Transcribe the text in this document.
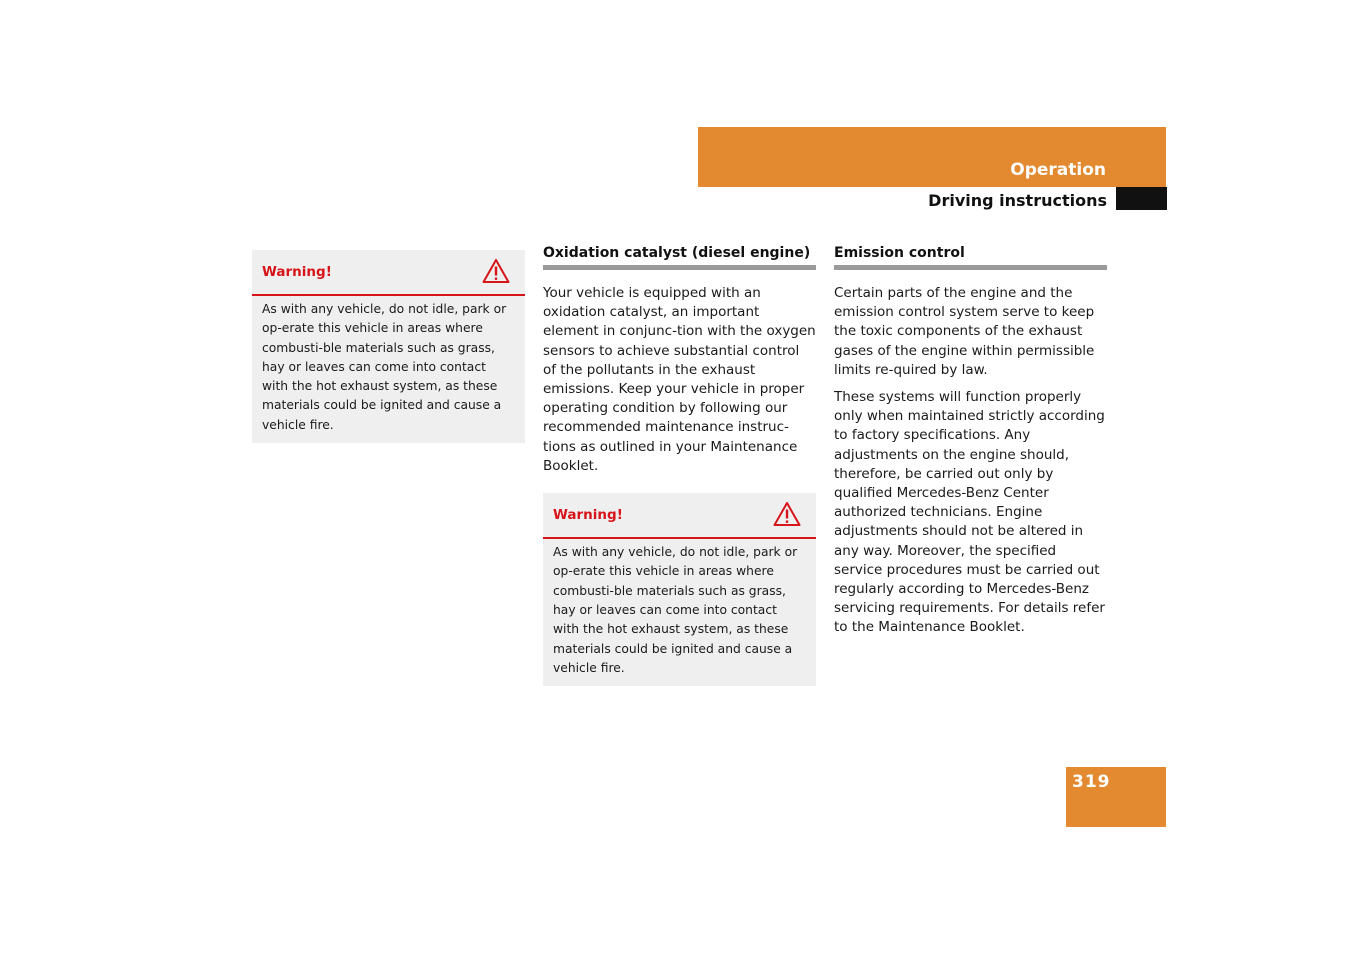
Operation
Driving instructions
Warning!
As with any vehicle, do not idle, park or op-erate this vehicle in areas where combusti-ble materials such as grass, hay or leaves can come into contact with the hot exhaust system, as these materials could be ignited and cause a vehicle fire.
Oxidation catalyst (diesel engine)

Your vehicle is equipped with an oxidation catalyst, an important element in conjunc-tion with the oxygen sensors to achieve substantial control of the pollutants in the exhaust emissions. Keep your vehicle in proper operating condition by following our recommended maintenance instruc-tions as outlined in your Maintenance Booklet.

Warning!
As with any vehicle, do not idle, park or op-erate this vehicle in areas where combusti-ble materials such as grass, hay or leaves can come into contact with the hot exhaust system, as these materials could be ignited and cause a vehicle fire.
Emission control

Certain parts of the engine and the emission control system serve to keep the toxic components of the exhaust gases of the engine within permissible limits re-quired by law.

These systems will function properly only when maintained strictly according to factory specifications. Any adjustments on the engine should, therefore, be carried out only by qualified Mercedes-Benz Center authorized technicians. Engine adjustments should not be altered in any way. Moreover, the specified service procedures must be carried out regularly according to Mercedes-Benz servicing requirements. For details refer to the Maintenance Booklet.

319
